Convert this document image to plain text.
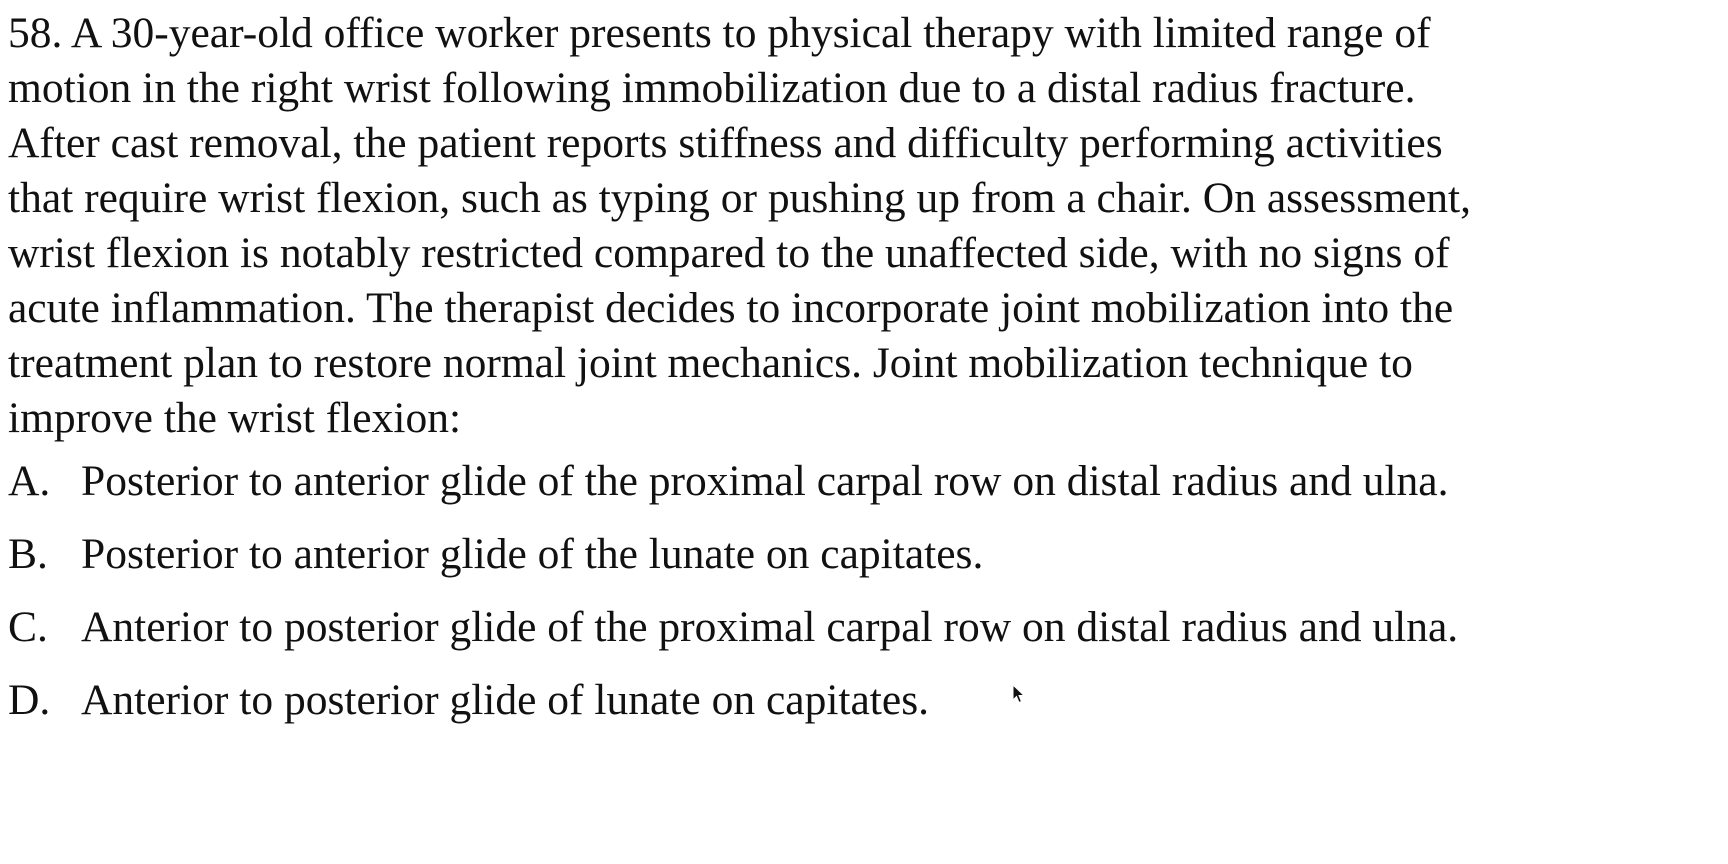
58. A 30-year-old office worker presents to physical therapy with limited range of
motion in the right wrist following immobilization due to a distal radius fracture.
After cast removal, the patient reports stiffness and difficulty performing activities
that require wrist flexion, such as typing or pushing up from a chair. On assessment,
wrist flexion is notably restricted compared to the unaffected side, with no signs of
acute inflammation. The therapist decides to incorporate joint mobilization into the
treatment plan to restore normal joint mechanics. Joint mobilization technique to
improve the wrist flexion:
A. Posterior to anterior glide of the proximal carpal row on distal radius and ulna.
B. Posterior to anterior glide of the lunate on capitates.
C. Anterior to posterior glide of the proximal carpal row on distal radius and ulna.
D. Anterior to posterior glide of lunate on capitates.
